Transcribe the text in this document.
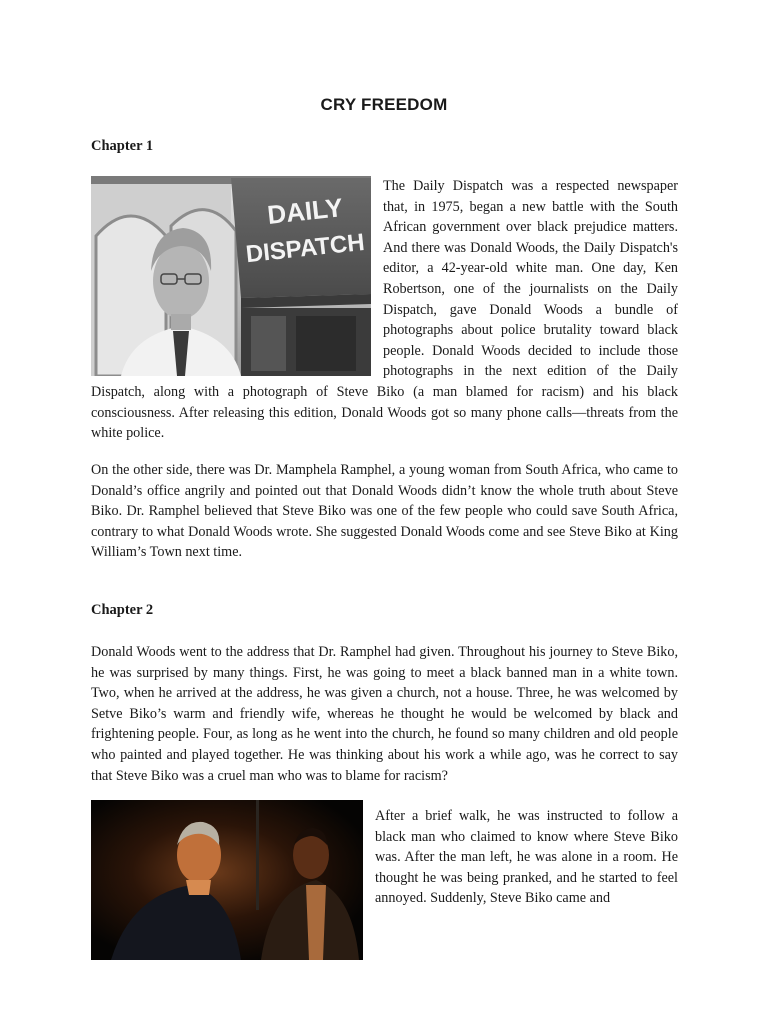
CRY FREEDOM
Chapter 1
DAILY
DISPATCH
The Daily Dispatch was a respected newspaper that, in 1975, began a new battle with the South African government over black prejudice matters. And there was Donald Woods, the Daily Dispatch's editor, a 42-year-old white man. One day, Ken Robertson, one of the journalists on the Daily Dispatch, gave Donald Woods a bundle of photographs about police brutality toward black people. Donald Woods decided to include those photographs in the next edition of the Daily Dispatch, along with a photograph of Steve Biko (a man blamed for racism) and his black consciousness. After releasing this edition, Donald Woods got so many phone calls—threats from the white police.

On the other side, there was Dr. Mamphela Ramphel, a young woman from South Africa, who came to Donald’s office angrily and pointed out that Donald Woods didn’t know the whole truth about Steve Biko. Dr. Ramphel believed that Steve Biko was one of the few people who could save South Africa, contrary to what Donald Woods wrote. She suggested Donald Woods come and see Steve Biko at King William’s Town next time.

Chapter 2

Donald Woods went to the address that Dr. Ramphel had given. Throughout his journey to Steve Biko, he was surprised by many things. First, he was going to meet a black banned man in a white town. Two, when he arrived at the address, he was given a church, not a house. Three, he was welcomed by Setve Biko’s warm and friendly wife, whereas he thought he would be welcomed by black and frightening people. Four, as long as he went into the church, he found so many children and old people who painted and played together. He was thinking about his work a while ago, was he correct to say that Steve Biko was a cruel man who was to blame for racism?

After a brief walk, he was instructed to follow a black man who claimed to know where Steve Biko was. After the man left, he was alone in a room. He thought he was being pranked, and he started to feel annoyed. Suddenly, Steve Biko came and
